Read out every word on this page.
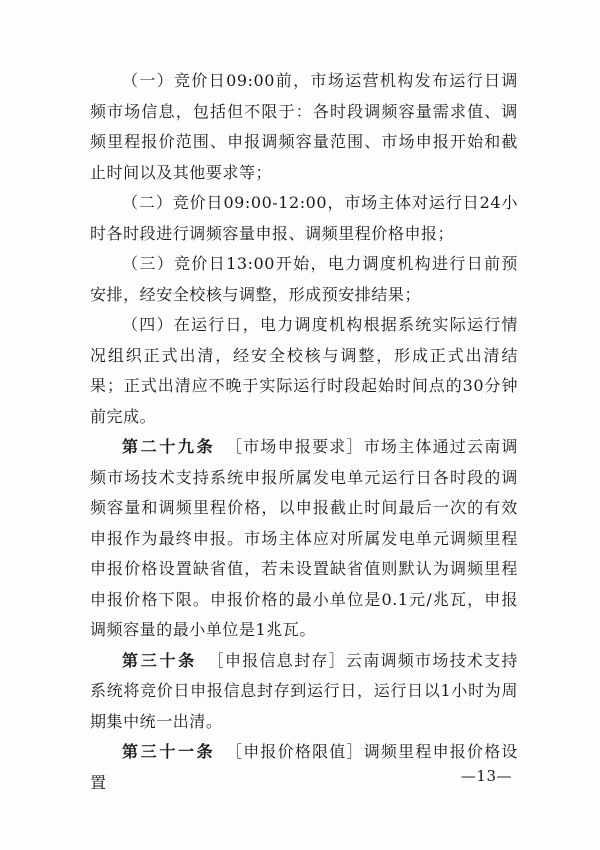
（一）竞价日09:00前，市场运营机构发布运行日调频市场信息，包括但不限于：各时段调频容量需求值、调频里程报价范围、申报调频容量范围、市场申报开始和截止时间以及其他要求等；

（二）竞价日09:00-12:00，市场主体对运行日24小时各时段进行调频容量申报、调频里程价格申报；

（三）竞价日13:00开始，电力调度机构进行日前预安排，经安全校核与调整，形成预安排结果；

（四）在运行日，电力调度机构根据系统实际运行情况组织正式出清，经安全校核与调整，形成正式出清结果；正式出清应不晚于实际运行时段起始时间点的30分钟前完成。

第二十九条 ［市场申报要求］市场主体通过云南调频市场技术支持系统申报所属发电单元运行日各时段的调频容量和调频里程价格，以申报截止时间最后一次的有效申报作为最终申报。市场主体应对所属发电单元调频里程申报价格设置缺省值，若未设置缺省值则默认为调频里程申报价格下限。申报价格的最小单位是0.1元/兆瓦，申报调频容量的最小单位是1兆瓦。

第三十条 ［申报信息封存］云南调频市场技术支持系统将竞价日申报信息封存到运行日，运行日以1小时为周期集中统一出清。

第三十一条 ［申报价格限值］调频里程申报价格设置	—13—
